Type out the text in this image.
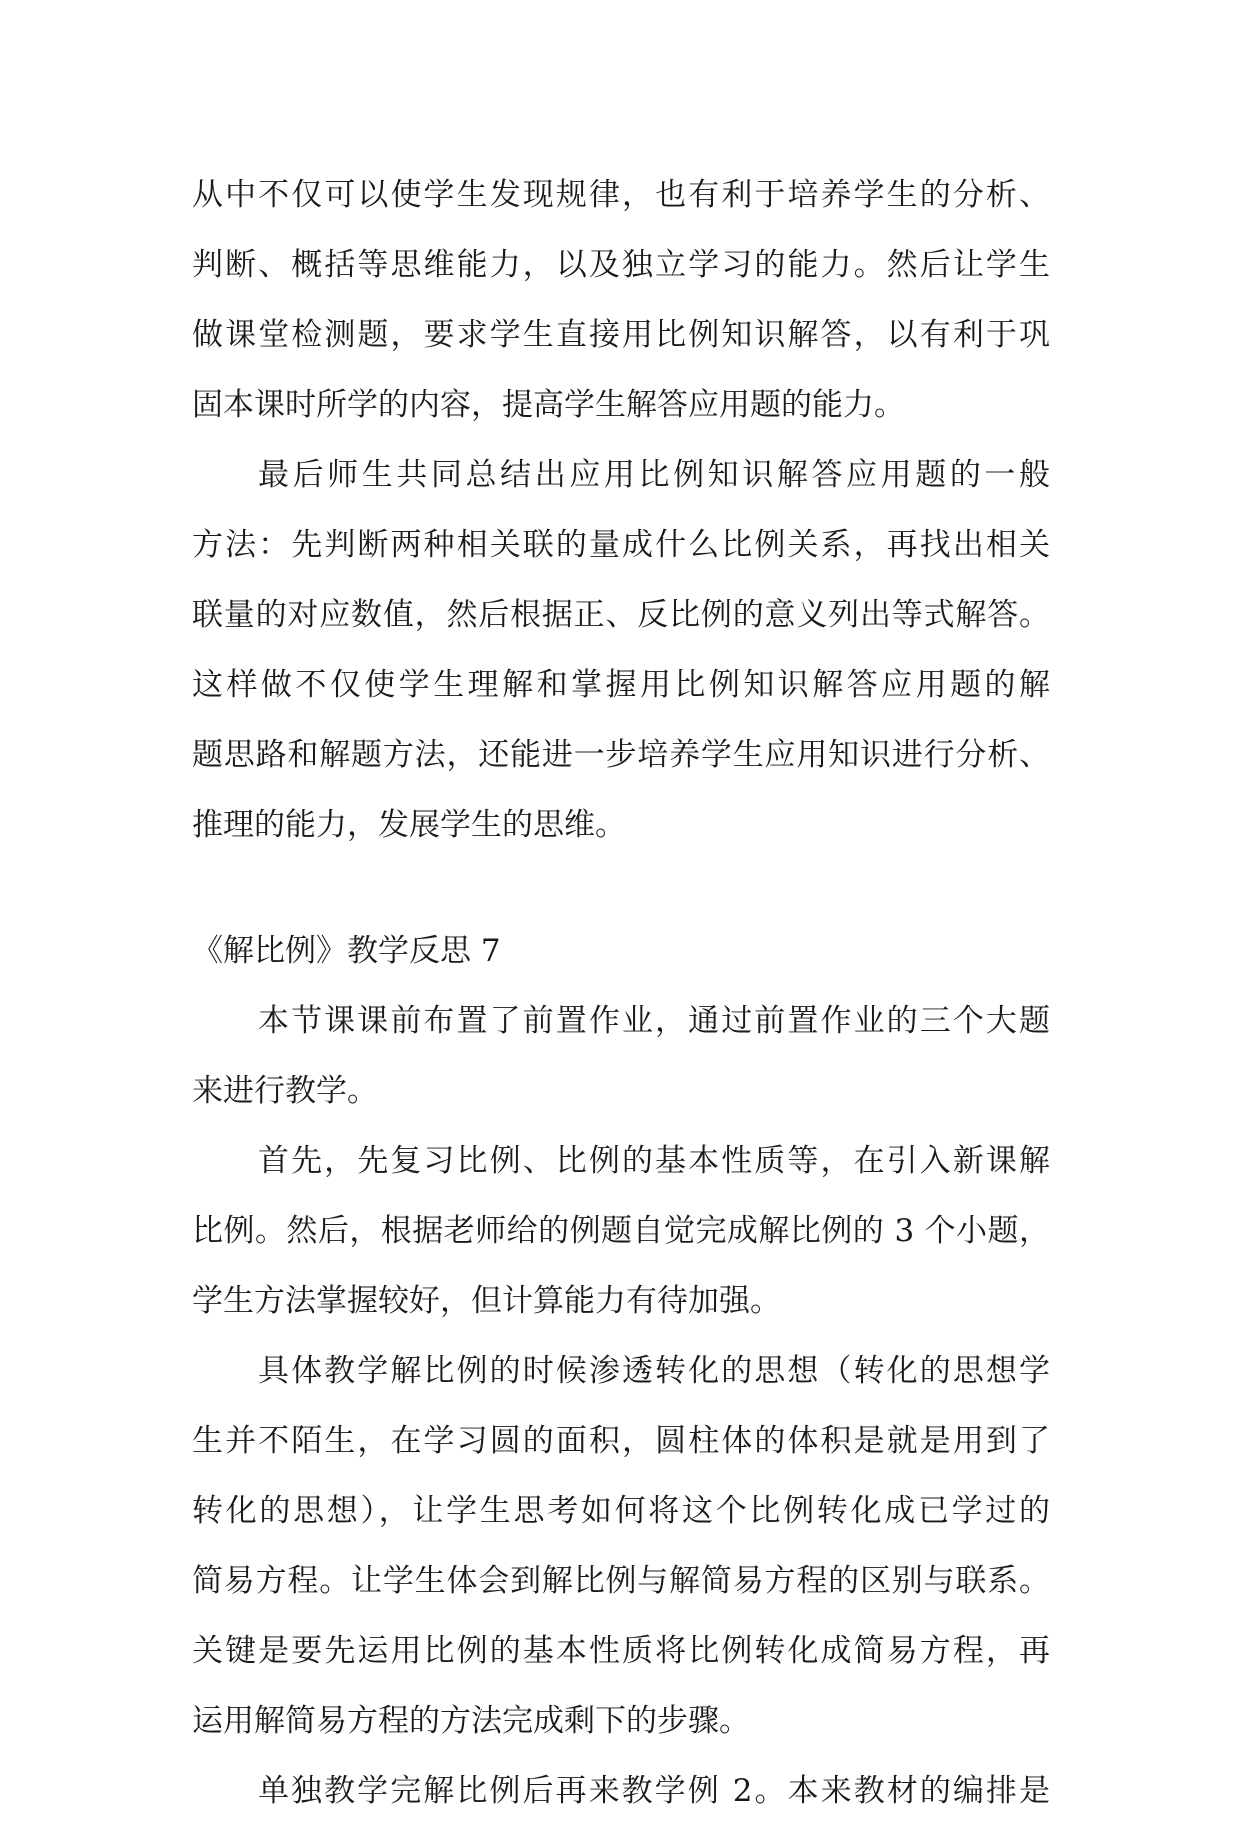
从中不仅可以使学生发现规律，也有利于培养学生的分析、
判断、概括等思维能力，以及独立学习的能力。然后让学生
做课堂检测题，要求学生直接用比例知识解答，以有利于巩
固本课时所学的内容，提高学生解答应用题的能力。
最后师生共同总结出应用比例知识解答应用题的一般
方法：先判断两种相关联的量成什么比例关系，再找出相关
联量的对应数值，然后根据正、反比例的意义列出等式解答。
这样做不仅使学生理解和掌握用比例知识解答应用题的解
题思路和解题方法，还能进一步培养学生应用知识进行分析、
推理的能力，发展学生的思维。
《解比例》教学反思 7
本节课课前布置了前置作业，通过前置作业的三个大题
来进行教学。
首先，先复习比例、比例的基本性质等，在引入新课解
比例。然后，根据老师给的例题自觉完成解比例的 3 个小题，
学生方法掌握较好，但计算能力有待加强。
具体教学解比例的时候渗透转化的思想（转化的思想学
生并不陌生，在学习圆的面积，圆柱体的体积是就是用到了
转化的思想），让学生思考如何将这个比例转化成已学过的
简易方程。让学生体会到解比例与解简易方程的区别与联系。
关键是要先运用比例的基本性质将比例转化成简易方程，再
运用解简易方程的方法完成剩下的步骤。
单独教学完解比例后再来教学例 2。本来教材的编排是
